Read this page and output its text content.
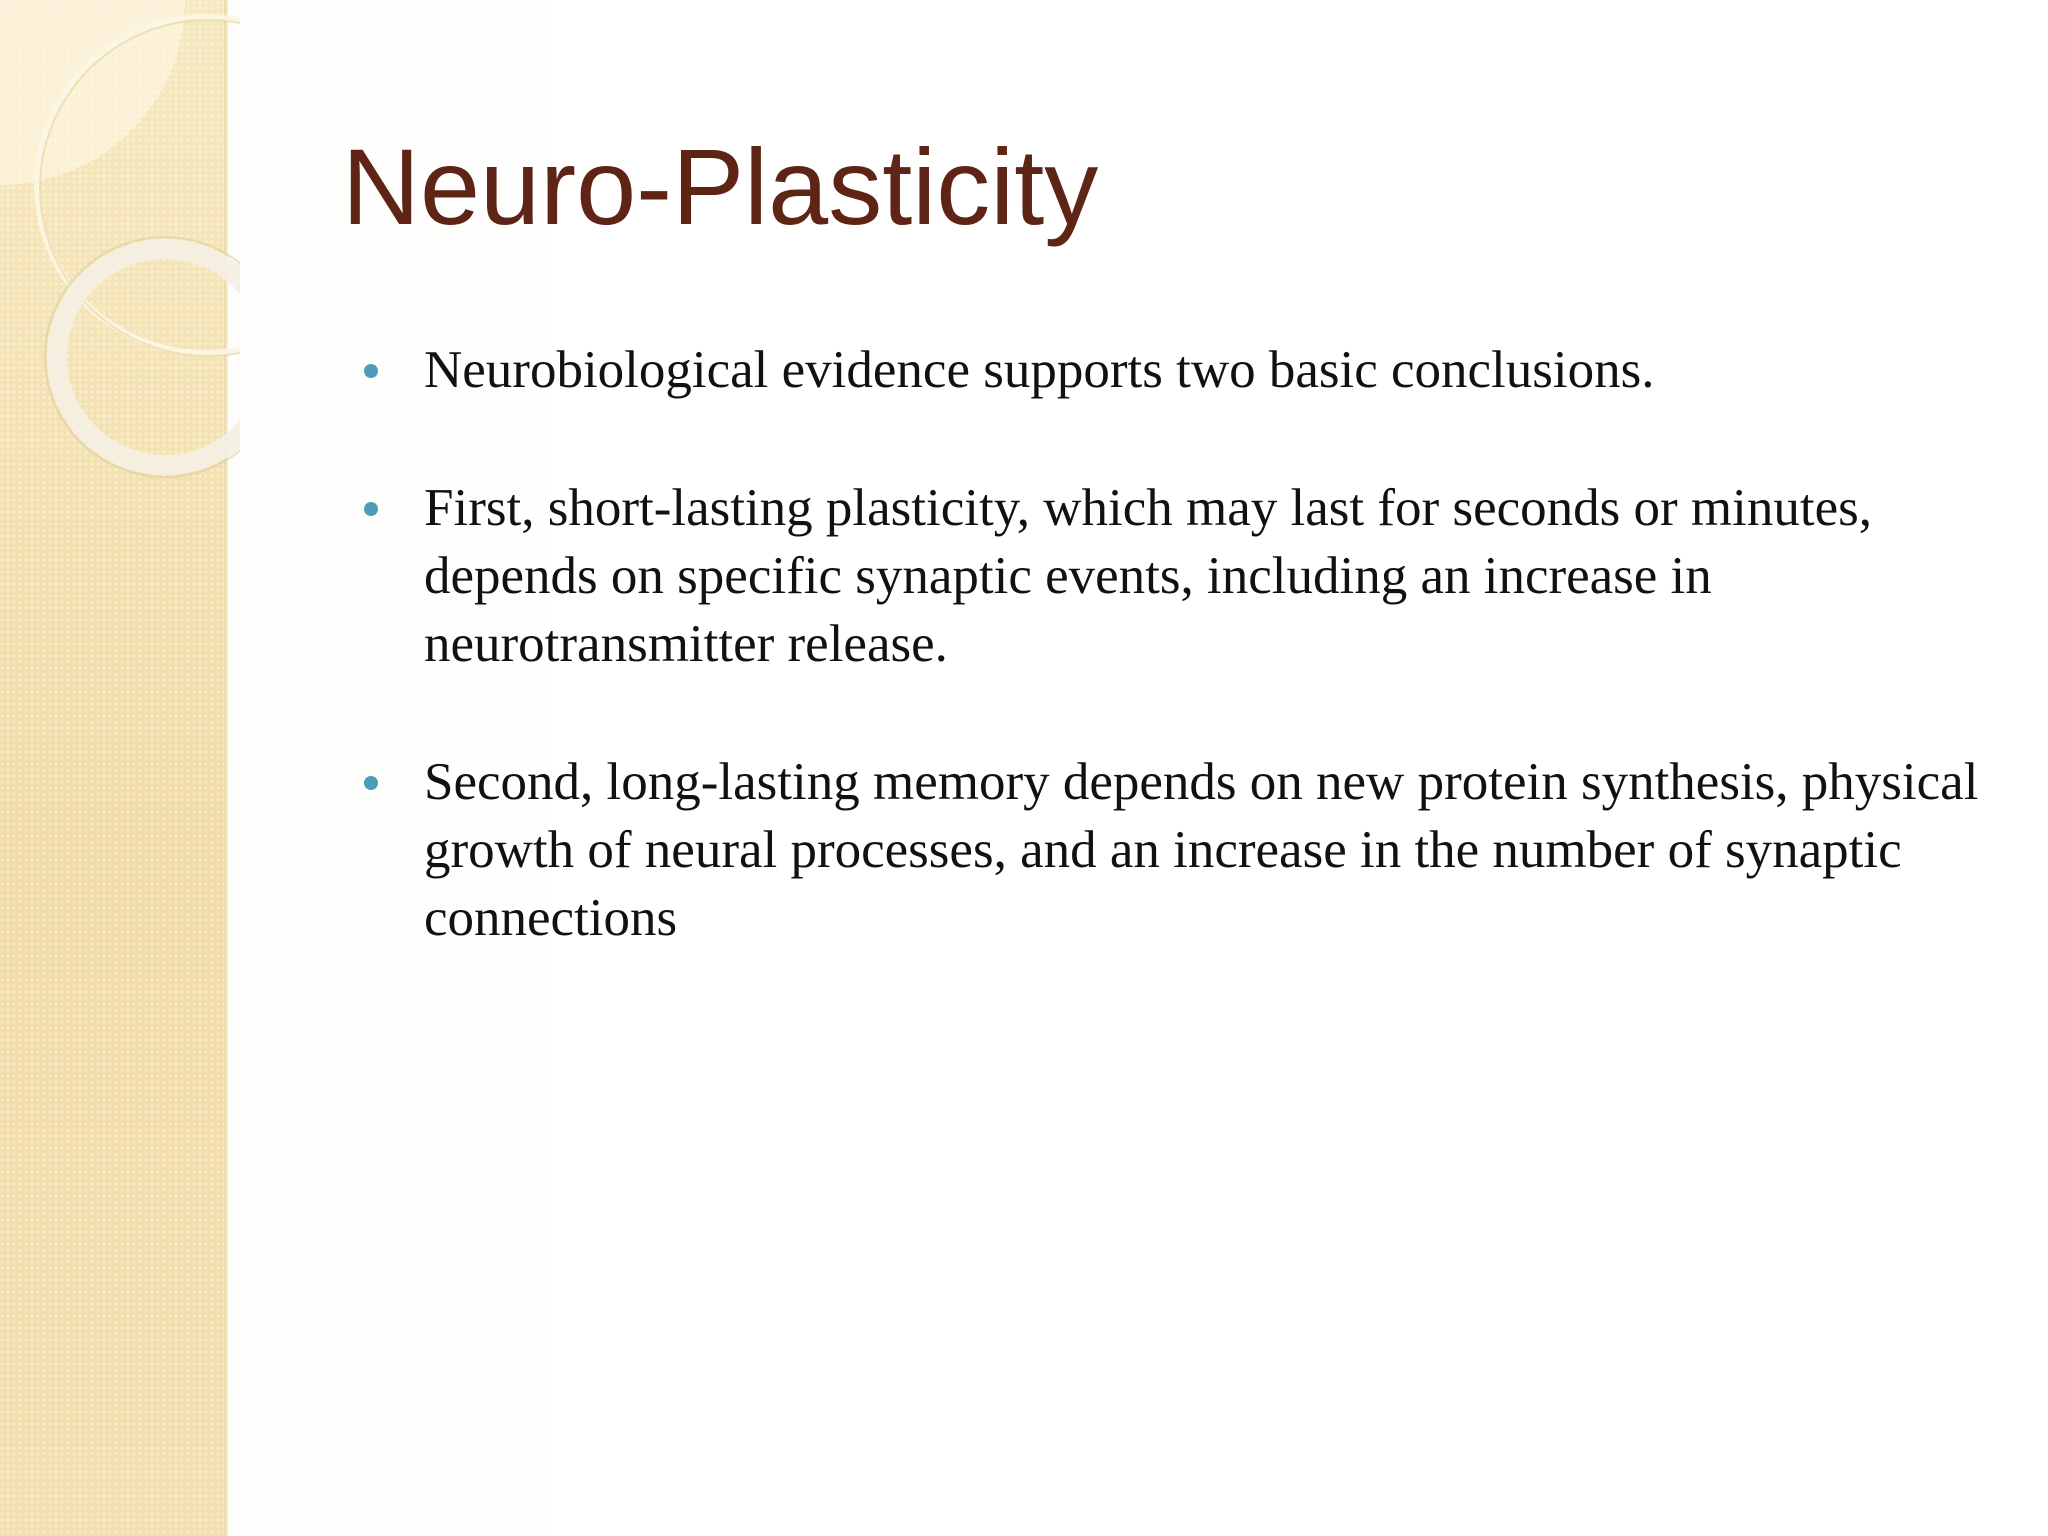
Neuro-Plasticity
Neurobiological evidence supports two basic conclusions.
First, short-lasting plasticity, which may last for seconds or minutes, depends on specific synaptic events, including an increase in neurotransmitter release.
Second, long-lasting memory depends on new protein synthesis, physical growth of neural processes, and an increase in the number of synaptic connections
